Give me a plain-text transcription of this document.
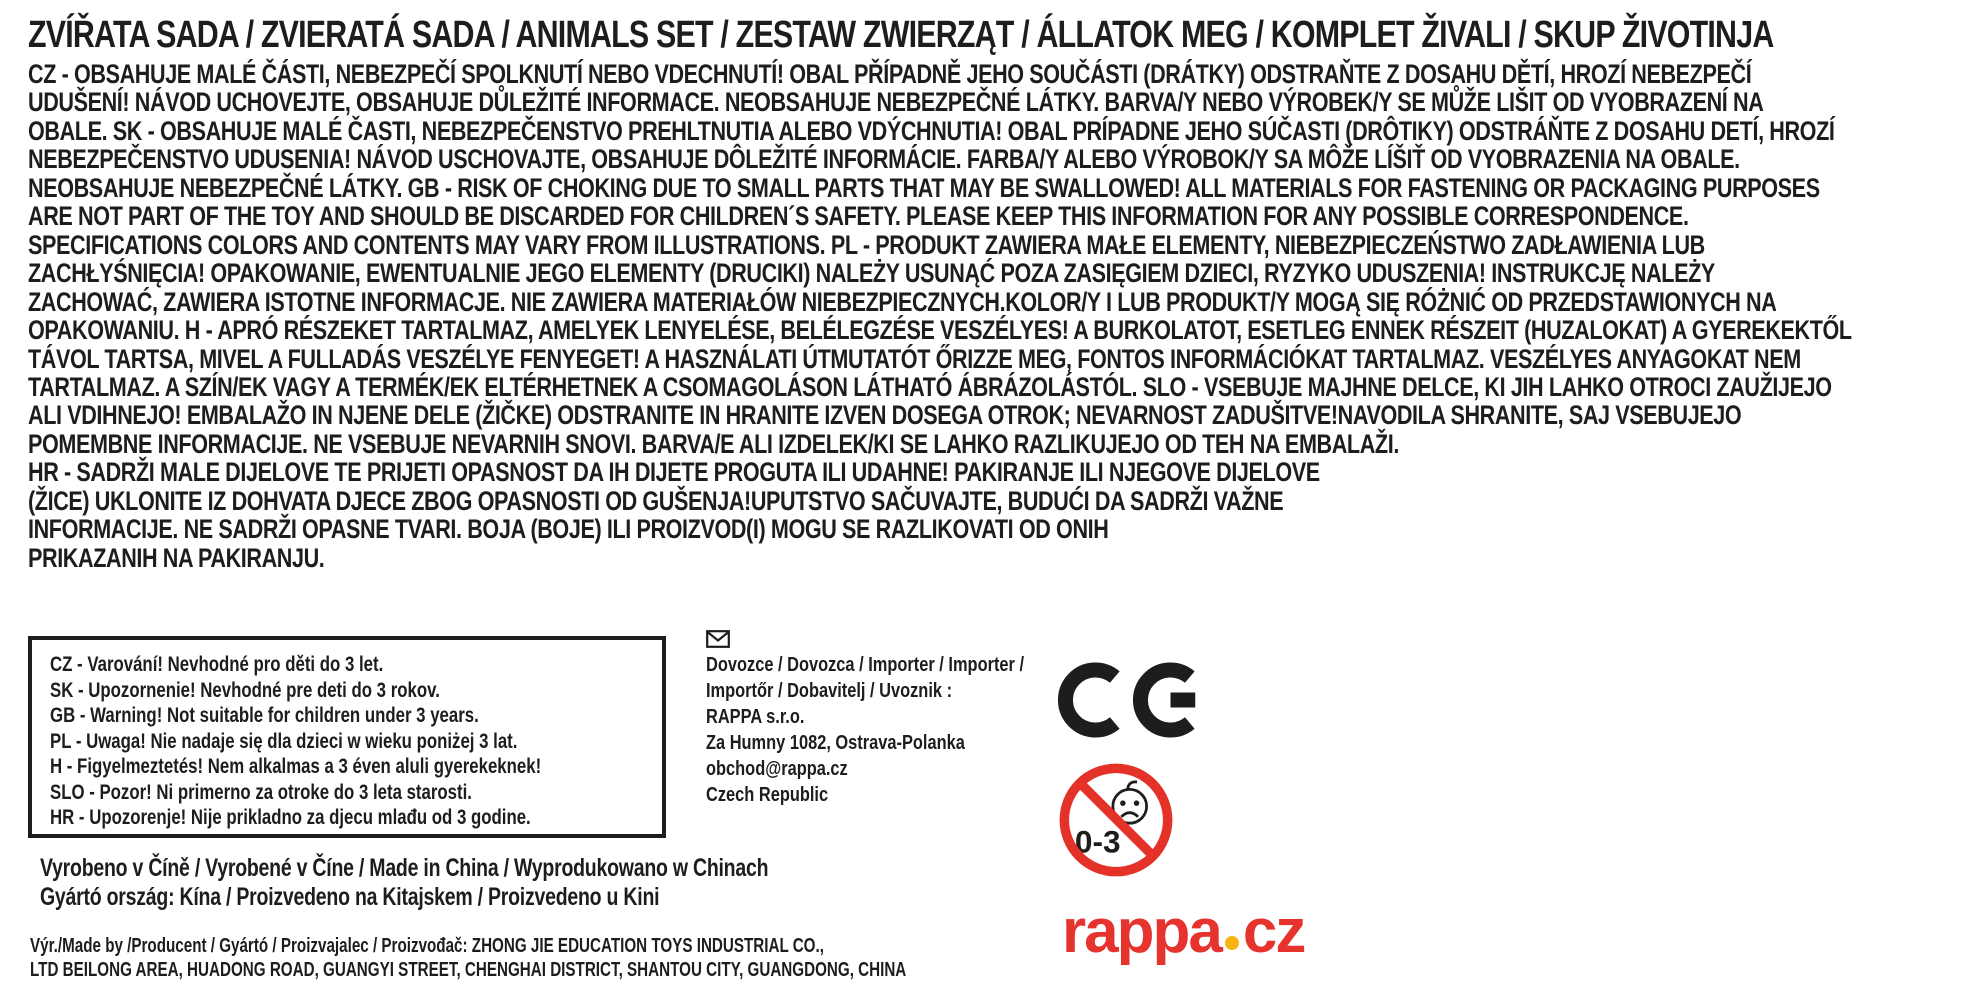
ZVÍŘATA SADA / ZVIERATÁ SADA / ANIMALS SET / ZESTAW ZWIERZĄT / ÁLLATOK MEG / KOMPLET ŽIVALI / SKUP ŽIVOTINJA
CZ - OBSAHUJE MALÉ ČÁSTI, NEBEZPEČÍ SPOLKNUTÍ NEBO VDECHNUTÍ! OBAL PŘÍPADNĚ JEHO SOUČÁSTI (DRÁTKY) ODSTRAŇTE Z DOSAHU DĚTÍ, HROZÍ NEBEZPEČÍ
UDUŠENÍ! NÁVOD UCHOVEJTE, OBSAHUJE DŮLEŽITÉ INFORMACE. NEOBSAHUJE NEBEZPEČNÉ LÁTKY. BARVA/Y NEBO VÝROBEK/Y SE MŮŽE LIŠIT OD VYOBRAZENÍ NA
OBALE. SK - OBSAHUJE MALÉ ČASTI, NEBEZPEČENSTVO PREHLTNUTIA ALEBO VDÝCHNUTIA! OBAL PRÍPADNE JEHO SÚČASTI (DRÔTIKY) ODSTRÁŇTE Z DOSAHU DETÍ, HROZÍ
NEBEZPEČENSTVO UDUSENIA! NÁVOD USCHOVAJTE, OBSAHUJE DÔLEŽITÉ INFORMÁCIE. FARBA/Y ALEBO VÝROBOK/Y SA MÔŽE LÍŠIŤ OD VYOBRAZENIA NA OBALE.
NEOBSAHUJE NEBEZPEČNÉ LÁTKY. GB - RISK OF CHOKING DUE TO SMALL PARTS THAT MAY BE SWALLOWED! ALL MATERIALS FOR FASTENING OR PACKAGING PURPOSES
ARE NOT PART OF THE TOY AND SHOULD BE DISCARDED FOR CHILDREN´S SAFETY. PLEASE KEEP THIS INFORMATION FOR ANY POSSIBLE CORRESPONDENCE.
SPECIFICATIONS COLORS AND CONTENTS MAY VARY FROM ILLUSTRATIONS. PL - PRODUKT ZAWIERA MAŁE ELEMENTY, NIEBEZPIECZEŃSTWO ZADŁAWIENIA LUB
ZACHŁYŚNIĘCIA! OPAKOWANIE, EWENTUALNIE JEGO ELEMENTY (DRUCIKI) NALEŻY USUNĄĆ POZA ZASIĘGIEM DZIECI, RYZYKO UDUSZENIA! INSTRUKCJĘ NALEŻY
ZACHOWAĆ, ZAWIERA ISTOTNE INFORMACJE. NIE ZAWIERA MATERIAŁÓW NIEBEZPIECZNYCH.KOLOR/Y I LUB PRODUKT/Y MOGĄ SIĘ RÓŻNIĆ OD PRZEDSTAWIONYCH NA
OPAKOWANIU. H - APRÓ RÉSZEKET TARTALMAZ, AMELYEK LENYELÉSE, BELÉLEGZÉSE VESZÉLYES! A BURKOLATOT, ESETLEG ENNEK RÉSZEIT (HUZALOKAT) A GYEREKEKTŐL
TÁVOL TARTSA, MIVEL A FULLADÁS VESZÉLYE FENYEGET! A HASZNÁLATI ÚTMUTATÓT ŐRIZZE MEG, FONTOS INFORMÁCIÓKAT TARTALMAZ. VESZÉLYES ANYAGOKAT NEM
TARTALMAZ. A SZÍN/EK VAGY A TERMÉK/EK ELTÉRHETNEK A CSOMAGOLÁSON LÁTHATÓ ÁBRÁZOLÁSTÓL. SLO - VSEBUJE MAJHNE DELCE, KI JIH LAHKO OTROCI ZAUŽIJEJO
ALI VDIHNEJO! EMBALAŽO IN NJENE DELE (ŽIČKE) ODSTRANITE IN HRANITE IZVEN DOSEGA OTROK; NEVARNOST ZADUŠITVE!NAVODILA SHRANITE, SAJ VSEBUJEJO
POMEMBNE INFORMACIJE. NE VSEBUJE NEVARNIH SNOVI. BARVA/E ALI IZDELEK/KI SE LAHKO RAZLIKUJEJO OD TEH NA EMBALAŽI.
HR - SADRŽI MALE DIJELOVE TE PRIJETI OPASNOST DA IH DIJETE PROGUTA ILI UDAHNE! PAKIRANJE ILI NJEGOVE DIJELOVE
(ŽICE) UKLONITE IZ DOHVATA DJECE ZBOG OPASNOSTI OD GUŠENJA!UPUTSTVO SAČUVAJTE, BUDUĆI DA SADRŽI VAŽNE
INFORMACIJE. NE SADRŽI OPASNE TVARI. BOJA (BOJE) ILI PROIZVOD(I) MOGU SE RAZLIKOVATI OD ONIH
PRIKAZANIH NA PAKIRANJU.
CZ - Varování! Nevhodné pro děti do 3 let.
SK - Upozornenie! Nevhodné pre deti do 3 rokov.
GB - Warning! Not suitable for children under 3 years.
PL - Uwaga! Nie nadaje się dla dzieci w wieku poniżej 3 lat.
H - Figyelmeztetés! Nem alkalmas a 3 éven aluli gyerekeknek!
SLO - Pozor! Ni primerno za otroke do 3 leta starosti.
HR - Upozorenje! Nije prikladno za djecu mlađu od 3 godine.
Dovozce / Dovozca / Importer / Importer /
Importőr / Dobavitelj / Uvoznik :
RAPPA s.r.o.
Za Humny 1082, Ostrava-Polanka
obchod@rappa.cz
Czech Republic
0-3
rappa cz
Vyrobeno v Číně / Vyrobené v Číne / Made in China / Wyprodukowano w Chinach
Gyártó ország: Kína / Proizvedeno na Kitajskem / Proizvedeno u Kini
Výr./Made by /Producent / Gyártó / Proizvajalec / Proizvođač: ZHONG JIE EDUCATION TOYS INDUSTRIAL CO.,
LTD BEILONG AREA, HUADONG ROAD, GUANGYI STREET, CHENGHAI DISTRICT, SHANTOU CITY, GUANGDONG, CHINA
